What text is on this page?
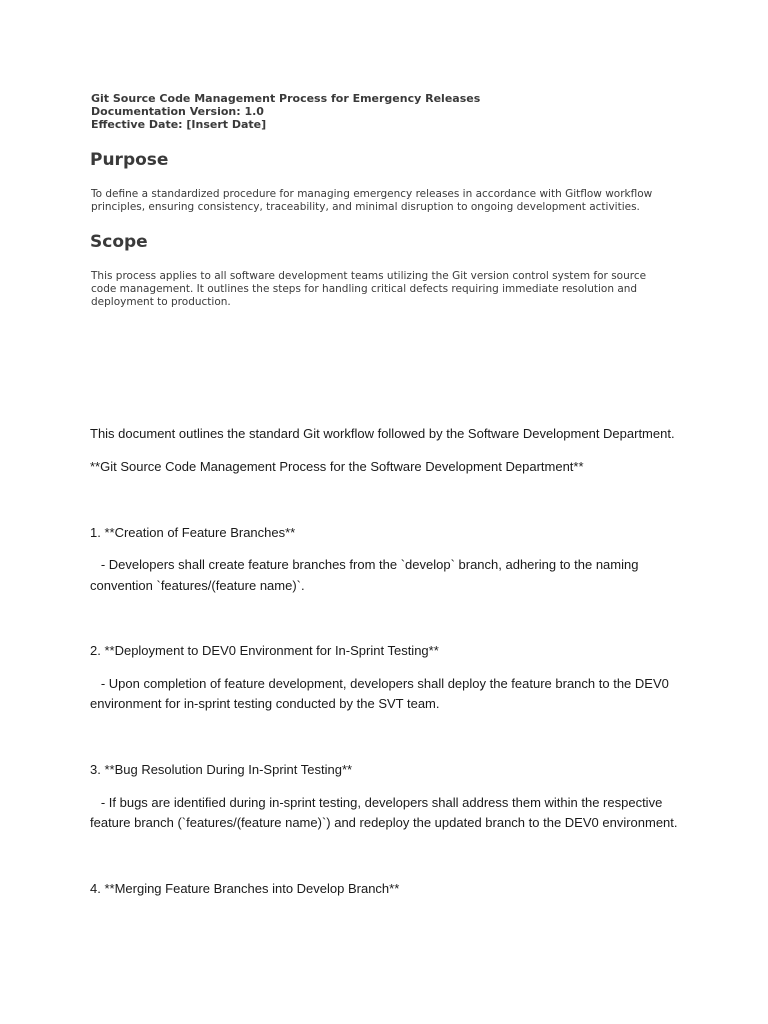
Git Source Code Management Process for Emergency Releases
Documentation Version: 1.0
Effective Date: [Insert Date]
Purpose

To define a standardized procedure for managing emergency releases in accordance with Gitflow workflow

principles, ensuring consistency, traceability, and minimal disruption to ongoing development activities.

Scope

This process applies to all software development teams utilizing the Git version control system for source

code management. It outlines the steps for handling critical defects requiring immediate resolution and

deployment to production.

This document outlines the standard Git workflow followed by the Software Development Department.

**Git Source Code Management Process for the Software Development Department**

1. **Creation of Feature Branches**

- Developers shall create feature branches from the `develop` branch, adhering to the naming

convention `features/(feature name)`.

2. **Deployment to DEV0 Environment for In-Sprint Testing**

- Upon completion of feature development, developers shall deploy the feature branch to the DEV0

environment for in-sprint testing conducted by the SVT team.

3. **Bug Resolution During In-Sprint Testing**

- If bugs are identified during in-sprint testing, developers shall address them within the respective

feature branch (`features/(feature name)`) and redeploy the updated branch to the DEV0 environment.

4. **Merging Feature Branches into Develop Branch**
